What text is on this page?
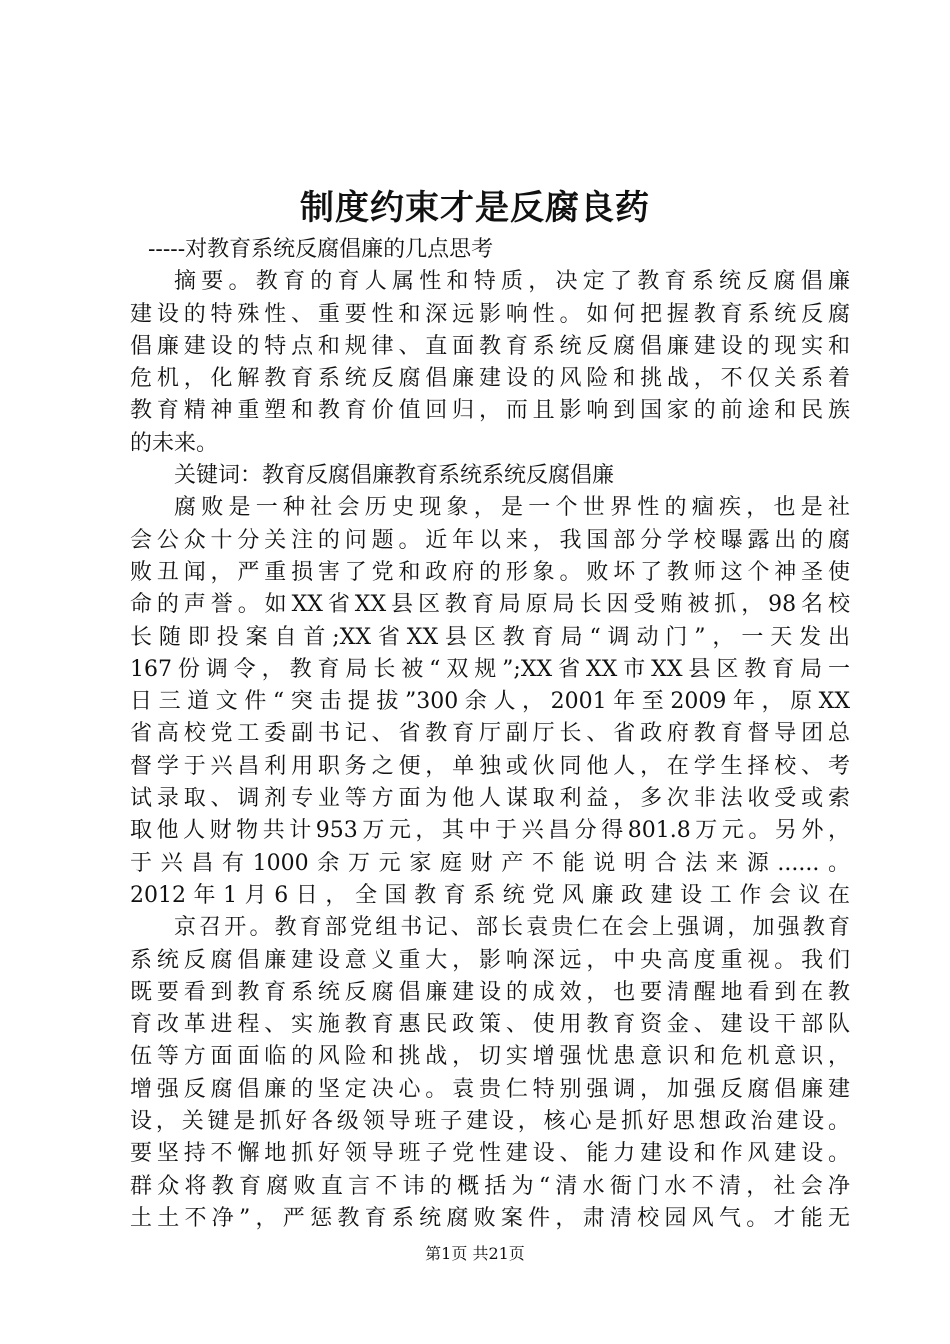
制度约束才是反腐良药
-----对教育系统反腐倡廉的几点思考
摘要。教育的育人属性和特质，决定了教育系统反腐倡廉
建设的特殊性、重要性和深远影响性。如何把握教育系统反腐
倡廉建设的特点和规律、直面教育系统反腐倡廉建设的现实和
危机，化解教育系统反腐倡廉建设的风险和挑战，不仅关系着
教育精神重塑和教育价值回归，而且影响到国家的前途和民族
的未来。
关键词：教育反腐倡廉教育系统系统反腐倡廉
腐败是一种社会历史现象，是一个世界性的痼疾，也是社
会公众十分关注的问题。近年以来，我国部分学校曝露出的腐
败丑闻，严重损害了党和政府的形象。败坏了教师这个神圣使
命的声誉。如XX省XX县区教育局原局长因受贿被抓，98名校
长随即投案自首;XX省XX县区教育局“调动门”，一天发出
167份调令，教育局长被“双规”;XX省XX市XX县区教育局一
日三道文件“突击提拔”300余人，2001年至2009年，原XX
省高校党工委副书记、省教育厅副厅长、省政府教育督导团总
督学于兴昌利用职务之便，单独或伙同他人，在学生择校、考
试录取、调剂专业等方面为他人谋取利益，多次非法收受或索
取他人财物共计953万元，其中于兴昌分得801.8万元。另外，
于兴昌有1000余万元家庭财产不能说明合法来源......。
2012年1月6日，全国教育系统党风廉政建设工作会议在
京召开。教育部党组书记、部长袁贵仁在会上强调，加强教育
系统反腐倡廉建设意义重大，影响深远，中央高度重视。我们
既要看到教育系统反腐倡廉建设的成效，也要清醒地看到在教
育改革进程、实施教育惠民政策、使用教育资金、建设干部队
伍等方面面临的风险和挑战，切实增强忧患意识和危机意识，
增强反腐倡廉的坚定决心。袁贵仁特别强调，加强反腐倡廉建
设，关键是抓好各级领导班子建设，核心是抓好思想政治建设。
要坚持不懈地抓好领导班子党性建设、能力建设和作风建设。
群众将教育腐败直言不讳的概括为“清水衙门水不清，社会净
土土不净”，严惩教育系统腐败案件，肃清校园风气。才能无
第1页 共21页
